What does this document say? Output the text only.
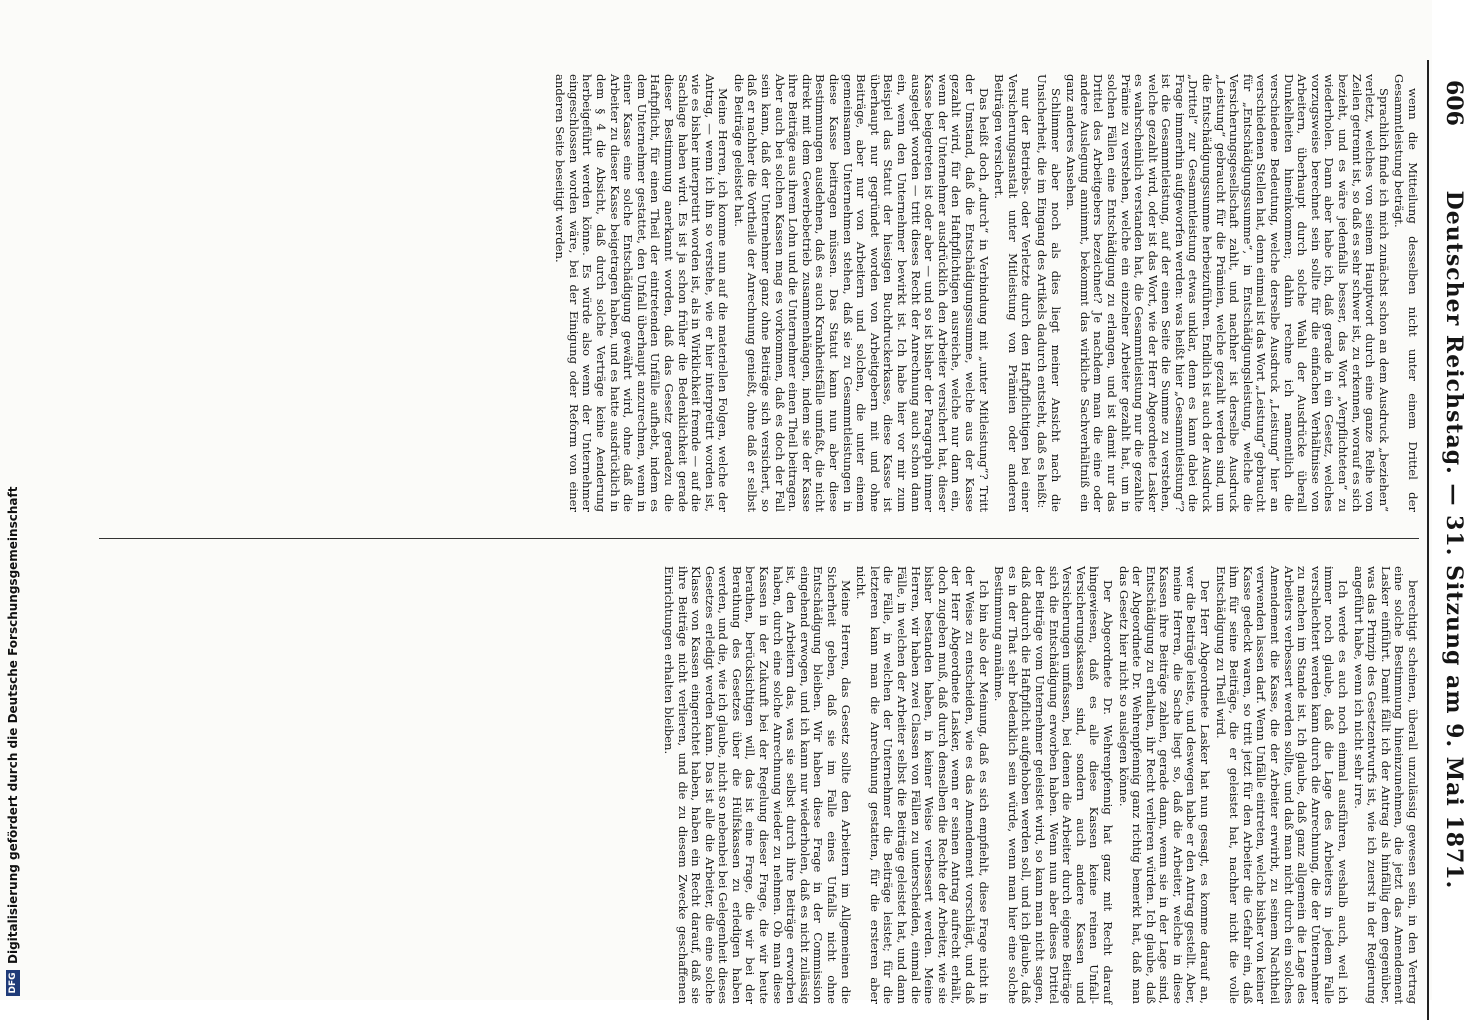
606
Deutscher Reichstag. — 31. Sitzung am 9. Mai 1871.

wenn die Mitteilung desselben nicht unter einem Drittel der Gesammtleistung beträgt.

Sprachlich finde ich mich zunächst schon an dem Ausdruck „beziehen“ verletzt, welches von seinem Hauptwort durch eine ganze Reihe von Zeilen getrennt ist, so daß es sehr schwer ist, zu erkennen, worauf es sich bezieht, und es wäre jedenfalls besser, das Wort „Verpflichteten“ zu wiederholen. Dann aber habe ich, daß gerade in ein Gesetz, welches vorzugsweise berechnet sein sollte für die einfachen Verhältnisse von Arbeitern, überhaupt durch solche Wahl der Ausdrücke überall Dunkelheiten hineinkommen; dahin rechne ich namentlich die verschiedene Bedeutung, welche derselbe Ausdruck „Leistung“ hier an verschiedenen Stellen hat, denn einmal ist das Wort „Leistung“ gebraucht für „Entschädigungssumme“, in Entschädigungsleistung, welche die Versicherungsgesellschaft zahlt, und nachher ist derselbe Ausdruck „Leistung“ gebraucht für die Prämien, welche gezahlt werden sind, um die Entschädigungssumme herbeizuführen. Endlich ist auch der Ausdruck „Drittel“ zur Gesammtleistung etwas unklar, denn es kann dabei die Frage immerhin aufgeworfen werden: was heißt hier „Gesammtleistung“? ist die Gesammtleistung, auf der einen Seite die Summe zu verstehen, welche gezahlt wird, oder ist das Wort, wie der Herr Abgeordnete Lasker es wahrscheinlich verstanden hat, die Gesammtleistung nur die gezahlte Prämie zu verstehen, welche ein einzelner Arbeiter gezahlt hat, um in solchen Fällen eine Entschädigung zu erlangen, und ist damit nur das Drittel des Arbeitgebers bezeichnet? Je nachdem man die eine oder andere Auslegung annimmt, bekommt das wirkliche Sachverhältniß ein ganz anderes Ansehen.

Schlimmer aber noch als dies liegt meiner Ansicht nach die Unsicherheit, die im Eingang des Artikels dadurch entsteht, daß es heißt:

nur der Betriebs- oder Verletzte durch den Haftpflichtigen bei einer Versicherungsanstalt unter Mitleistung von Prämien oder anderen Beiträgen versichert.

Das heißt doch „durch“ in Verbindung mit „unter Mitleistung“? Tritt der Umstand, daß die Entschädigungssumme, welche aus der Kasse gezahlt wird, für den Haftpflichtigen ausreiche, welche nur dann ein, wenn der Unternehmer ausdrücklich den Arbeiter versichert hat, dieser Kasse beigetreten ist oder aber — und so ist bisher der Paragraph immer ausgelegt worden — tritt dieses Recht der Anrechnung auch schon dann ein, wenn den Unternehmer bewirkt ist. Ich habe hier vor mir zum Beispiel das Statut der hiesigen Buchdruckerkasse, diese Kasse ist überhaupt nur gegründet worden von Arbeitgebern mit und ohne Beiträge, aber nur von Arbeitern und solchen, die unter einem gemeinsamen Unternehmen stehen, daß sie zu Gesammtleistungen in diese Kasse beitragen müssen. Das Statut kann nun aber diese Bestimmungen ausdehnen, daß es auch Krankheitsfälle umfaßt, die nicht direkt mit dem Gewerbebetrieb zusammenhängen, indem sie der Kasse ihre Beiträge aus ihrem Lohn und die Unternehmer einen Theil beitragen. Aber auch bei solchen Kassen mag es vorkommen, daß es doch der Fall sein kann, daß der Unternehmer ganz ohne Beiträge sich versichert, so daß er nachher die Vortheile der Anrechnung genießt, ohne daß er selbst die Beiträge geleistet hat.

Meine Herren, ich komme nun auf die materiellen Folgen, welche der Antrag, — wenn ich ihn so verstehe, wie er hier interpretirt worden ist, wie es bisher interpretirt worden ist, als in Wirklichkeit fremde — auf die Sachlage haben wird. Es ist ja schon früher die Bedenklichkeit gerade dieser Bestimmung anerkannt worden, daß das Gesetz geradezu die Haftpflicht, für einen Theil der eintretenden Unfälle aufhebt, indem es dem Unternehmer gestattet, den Unfall überhaupt anzurechnen, wenn in einer Kasse eine solche Entschädigung gewährt wird, ohne daß die Arbeiter zu dieser Kasse beigetragen haben, und es hatte ausdrücklich in dem § 4 die Absicht, daß durch solche Verträge keine Aenderung herbeigeführt werden könne. Es würde also wenn der Unternehmer eingeschlossen worden wäre, bei der Einigung oder Reform von einer anderen Seite beseitigt werden.

berechtigt scheinen, überall unzulässig gewesen sein, in den Vertrag eine solche Bestimmung hineinzunehmen, die jetzt das Amendement Lasker einführt. Damit fällt ich der Antrag als hinfällig dem gegenüber, was das Prinzip des Gesetzentwurfs ist, wie ich zuerst in der Regierung angeführt habe, wenn ich nicht sehr irre.

Ich werde es auch noch einmal ausführen, weshalb auch, weil ich immer noch glaube, daß die Lage des Arbeiters in jedem Falle verschlechtert werden kann durch die Anrechnung, die der Unternehmer zu machen im Stande ist. Ich glaube, daß ganz allgemein die Lage des Arbeiters verbessert werden sollte, und daß man nicht durch ein solches Amendement die Kasse, die der Arbeiter erwirbt, zu seinem Nachtheil verwenden lassen darf. Wenn Unfälle eintreten, welche bisher von keiner Kasse gedeckt waren, so tritt jetzt für den Arbeiter die Gefahr ein, daß ihm für seine Beiträge, die er geleistet hat, nachher nicht die volle Entschädigung zu Theil wird.

Der Herr Abgeordnete Lasker hat nun gesagt, es komme darauf an, wer die Beiträge leiste, und deswegen habe er den Antrag gestellt. Aber, meine Herren, die Sache liegt so, daß die Arbeiter, welche in diese Kassen ihre Beiträge zahlen, gerade dann, wenn sie in der Lage sind, Entschädigung zu erhalten, ihr Recht verlieren würden. Ich glaube, daß der Abgeordnete Dr. Wehrenpfennig ganz richtig bemerkt hat, daß man das Gesetz hier nicht so auslegen könne.

Der Abgeordnete Dr. Wehrenpfennig hat ganz mit Recht darauf hingewiesen, daß es alle diese Kassen keine reinen Unfall-Versicherungskassen sind, sondern auch andere Kassen und Versicherungen umfassen, bei denen die Arbeiter durch eigene Beiträge sich die Entschädigung erworben haben. Wenn nun aber dieses Drittel der Beiträge vom Unternehmer geleistet wird, so kann man nicht sagen, daß dadurch die Haftpflicht aufgehoben werden soll, und ich glaube, daß es in der That sehr bedenklich sein würde, wenn man hier eine solche Bestimmung annähme.

Ich bin also der Meinung, daß es sich empfiehlt, diese Frage nicht in der Weise zu entscheiden, wie es das Amendement vorschlägt, und daß der Herr Abgeordnete Lasker, wenn er seinen Antrag aufrecht erhält, doch zugeben muß, daß durch denselben die Rechte der Arbeiter, wie sie bisher bestanden haben, in keiner Weise verbessert werden. Meine Herren, wir haben zwei Classen von Fällen zu unterscheiden, einmal die Fälle, in welchen der Arbeiter selbst die Beiträge geleistet hat, und dann die Fälle, in welchen der Unternehmer die Beiträge leistet; für die letzteren kann man die Anrechnung gestatten, für die ersteren aber nicht.

Meine Herren, das Gesetz sollte den Arbeitern im Allgemeinen die Sicherheit geben, daß sie im Falle eines Unfalls nicht ohne Entschädigung bleiben. Wir haben diese Frage in der Commission eingehend erwogen, und ich kann nur wiederholen, daß es nicht zulässig ist, den Arbeitern das, was sie selbst durch ihre Beiträge erworben haben, durch eine solche Anrechnung wieder zu nehmen. Ob man diese Kassen in der Zukunft bei der Regelung dieser Frage, die wir heute berathen, berücksichtigen will, das ist eine Frage, die wir bei der Berathung des Gesetzes über die Hülfskassen zu erledigen haben werden, und die, wie ich glaube, nicht so nebenbei bei Gelegenheit dieses Gesetzes erledigt werden kann. Das ist alle die Arbeiter, die eine solche Klasse von Kassen eingerichtet haben, haben ein Recht darauf, daß sie ihre Beiträge nicht verlieren, und die zu diesem Zwecke geschaffenen Einrichtungen erhalten bleiben.

DFG
Digitalisierung gefördert durch die Deutsche Forschungsgemeinschaft
